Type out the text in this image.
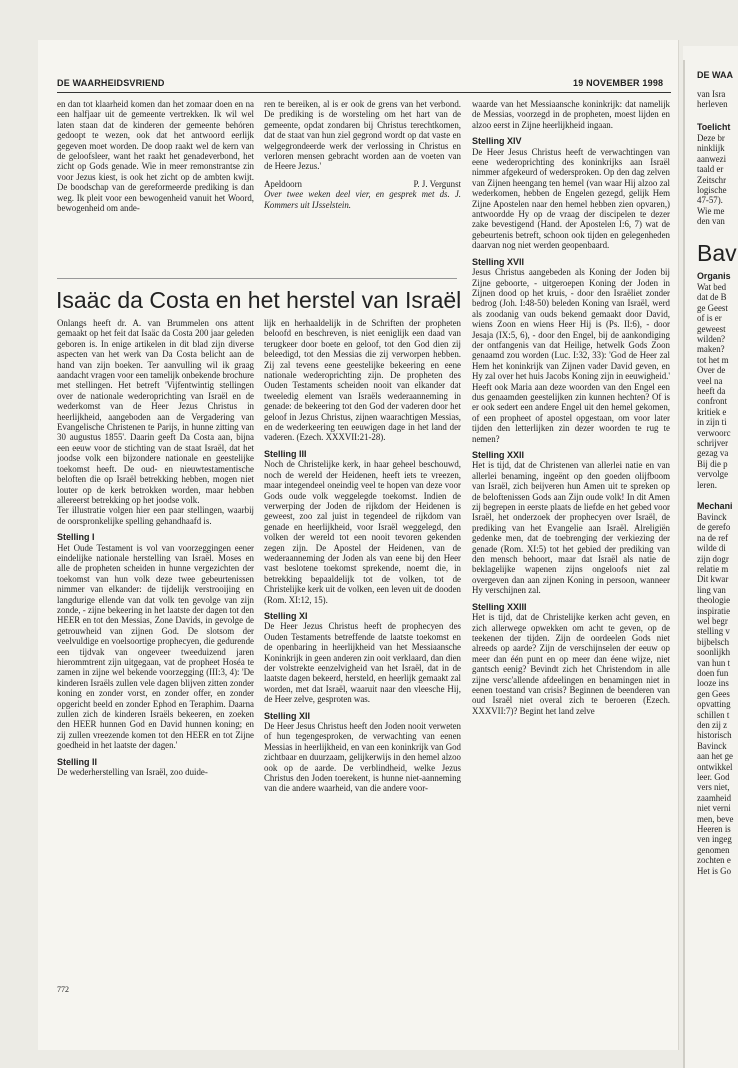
DE WAARHEIDSVRIEND	19 NOVEMBER 1998

en dan tot klaarheid komen dan het zomaar doen en na een halfjaar uit de gemeente vertrekken. Ik wil wel laten staan dat de kinderen der gemeente behóren gedoopt te wezen, ook dat het antwoord eerlijk gegeven moet worden. De doop raakt wel de kern van de geloofsleer, want het raakt het genadeverbond, het zicht op Gods genade. Wie in meer remonstrantse zin voor Jezus kiest, is ook het zicht op de ambten kwijt. De boodschap van de gereformeerde prediking is dan weg. Ik pleit voor een bewogenheid vanuit het Woord, bewogenheid om ande-

ren te bereiken, al is er ook de grens van het verbond. De prediking is de worsteling om het hart van de gemeente, opdat zondaren bij Christus terechtkomen, dat de staat van hun ziel gegrond wordt op dat vaste en welgegrondeerde werk der verlossing in Christus en verloren mensen gebracht worden aan de voeten van de Heere Jezus.'

Apeldoorn	P. J. Vergunst

Over twee weken deel vier, en gesprek met ds. J. Kommers uit IJsselstein.

Isaäc da Costa en het herstel van Israël

Onlangs heeft dr. A. van Brummelen ons attent gemaakt op het feit dat Isaäc da Costa 200 jaar geleden geboren is. In enige artikelen in dit blad zijn diverse aspecten van het werk van Da Costa belicht aan de hand van zijn boeken. Ter aanvulling wil ik graag aandacht vragen voor een tamelijk onbekende brochure met stellingen. Het betreft 'Vijfentwintig stellingen over de nationale wederoprichting van Israël en de wederkomst van de Heer Jezus Christus in heerlijkheid, aangeboden aan de Vergadering van Evangelische Christenen te Parijs, in hunne zitting van 30 augustus 1855'. Daarin geeft Da Costa aan, bijna een eeuw voor de stichting van de staat Israël, dat het joodse volk een bijzondere nationale en geestelijke toekomst heeft. De oud- en nieuwtestamentische beloften die op Israël betrekking hebben, mogen niet louter op de kerk betrokken worden, maar hebben allereerst betrekking op het joodse volk.

Ter illustratie volgen hier een paar stellingen, waarbij de oorspronkelijke spelling gehandhaafd is.

Stelling I

Het Oude Testament is vol van voorzeggingen eener eindelijke nationale herstelling van Israël. Moses en alle de propheten scheiden in hunne vergezichten der toekomst van hun volk deze twee gebeurtenissen nimmer van elkander: de tijdelijk verstrooijing en langdurige ellende van dat volk ten gevolge van zijn zonde, - zijne bekeering in het laatste der dagen tot den HEER en tot den Messias, Zone Davids, in gevolge de getrouwheid van zijnen God. De slotsom der veelvuldige en voelsoortige prophecyen, die gedurende een tijdvak van ongeveer tweeduizend jaren hierommtrent zijn uitgegaan, vat de propheet Hoséa te zamen in zijne wel bekende voorzegging (III:3, 4): 'De kinderen Israëls zullen vele dagen blijven zitten zonder koning en zonder vorst, en zonder offer, en zonder opgericht beeld en zonder Ephod en Teraphim. Daarna zullen zich de kinderen Israëls bekeeren, en zoeken den HEER hunnen God en David hunnen koning; en zij zullen vreezende komen tot den HEER en tot Zijne goedheid in het laatste der dagen.'

Stelling II

De wederherstelling van Israël, zoo duide-

lijk en herhaaldelijk in de Schriften der propheten beloofd en beschreven, is niet eeniglijk een daad van terugkeer door boete en geloof, tot den God dien zij beleedigd, tot den Messias die zij verworpen hebben. Zij zal tevens eene geestelijke bekeering en eene nationale wederoprichting zijn. De propheten des Ouden Testaments scheiden nooit van elkander dat tweeledig element van Israëls wederaanneming in genade: de bekeering tot den God der vaderen door het geloof in Jezus Christus, zijnen waarachtigen Messias, en de wederkeering ten eeuwigen dage in het land der vaderen. (Ezech. XXXVII:21-28).

Stelling III

Noch de Christelijke kerk, in haar geheel beschouwd, noch de wereld der Heidenen, heeft iets te vreezen, maar integendeel oneindig veel te hopen van deze voor Gods oude volk weggelegde toekomst. Indien de verwerping der Joden de rijkdom der Heidenen is geweest, zoo zal juist in tegendeel de rijkdom van genade en heerlijkheid, voor Israël weggelegd, den volken der wereld tot een nooit tevoren gekenden zegen zijn. De Apostel der Heidenen, van de wederaanneming der Joden als van eene bij den Heer vast beslotene toekomst sprekende, noemt die, in betrekking bepaaldelijk tot de volken, tot de Christelijke kerk uit de volken, een leven uit de dooden (Rom. XI:12, 15).

Stelling XI

De Heer Jezus Christus heeft de prophecyen des Ouden Testaments betreffende de laatste toekomst en de openbaring in heerlijkheid van het Messiaansche Koninkrijk in geen anderen zin ooit verklaard, dan dien der volstrekte eenzelvigheid van het Israël, dat in de laatste dagen bekeerd, hersteld, en heerlijk gemaakt zal worden, met dat Israël, waaruit naar den vleesche Hij, de Heer zelve, gesproten was.

Stelling XII

De Heer Jesus Christus heeft den Joden nooit verweten of hun tegengesproken, de verwachting van eenen Messias in heerlijkheid, en van een koninkrijk van God zichtbaar en duurzaam, gelijkerwijs in den hemel alzoo ook op de aarde. De verblindheid, welke Jezus Christus den Joden toerekent, is hunne niet-aanneming van die andere waarheid, van die andere voor-

waarde van het Messiaansche koninkrijk: dat namelijk de Messias, voorzegd in de propheten, moest lijden en alzoo eerst in Zijne heerlijkheid ingaan.

Stelling XIV

De Heer Jesus Christus heeft de verwachtingen van eene wederoprichting des koninkrijks aan Israël nimmer afgekeurd of wedersproken. Op den dag zelven van Zijnen heengang ten hemel (van waar Hij alzoo zal wederkomen, hebben de Engelen gezegd, gelijk Hem Zijne Apostelen naar den hemel hebben zien opvaren,) antwoordde Hy op de vraag der discipelen te dezer zake bevestigend (Hand. der Apostelen I:6, 7) wat de gebeurtenis betreft, schoon ook tijden en gelegenheden daarvan nog niet werden geopenbaard.

Stelling XVII

Jesus Christus aangebeden als Koning der Joden bij Zijne geboorte, - uitgeroepen Koning der Joden in Zijnen dood op het kruis, - door den Israëliet zonder bedrog (Joh. I:48-50) beleden Koning van Israël, werd als zoodanig van ouds bekend gemaakt door David, wiens Zoon en wiens Heer Hij is (Ps. II:6), - door Jesaja (IX:5, 6), - door den Engel, bij de aankondiging der ontfangenis van dat Heilige, hetwelk Gods Zoon genaamd zou worden (Luc. I:32, 33): 'God de Heer zal Hem het koninkrijk van Zijnen vader David geven, en Hy zal over het huis Jacobs Koning zijn in eeuwigheid.' Heeft ook Maria aan deze woorden van den Engel een dus genaamden geestelijken zin kunnen hechten? Of is er ook sedert een andere Engel uit den hemel gekomen, of een propheet of apostel opgestaan, om voor later tijden den letterlijken zin dezer woorden te rug te nemen?

Stelling XXII

Het is tijd, dat de Christenen van allerlei natie en van allerlei benaming, ingeënt op den goeden olijfboom van Israël, zich beijveren hun Amen uit te spreken op de beloftenissen Gods aan Zijn oude volk! In dit Amen zij begrepen in eerste plaats de liefde en het gebed voor Israël, het onderzoek der prophecyen over Israël, de prediking van het Evangelie aan Israël. Alreligiën gedenke men, dat de toebrenging der verkiezing der genade (Rom. XI:5) tot het gebied der prediking van den mensch behoort, maar dat Israël als natie de beklagelijke wapenen zijns ongeloofs niet zal overgeven dan aan zijnen Koning in persoon, wanneer Hy verschijnen zal.

Stelling XXIII

Het is tijd, dat de Christelijke kerken acht geven, en zich allerwege opwekken om acht te geven, op de teekenen der tijden. Zijn de oordeelen Gods niet alreeds op aarde? Zijn de verschijnselen der eeuw op meer dan één punt en op meer dan éene wijze, niet gantsch eenig? Bevindt zich het Christendom in alle zijne versc'allende afdeelingen en benamingen niet in eenen toestand van crisis? Beginnen de beenderen van oud Israël niet overal zich te beroeren (Ezech. XXXVII:7)? Begint het land zelve

772
DE WAA
Bav
van Isra
herleven
Toelicht
Deze br
ninklijk
aanwezi
taald er
Zeitschr
logische
47-57).
Wie me
den van
Organis
Wat bed
dat de B
ge Geest
of is er
geweest
wilden?
maken?
tot het m
Over de
veel na
heeft da
confront
kritiek e
in zijn ti
verwoorc
schrijver
gezag va
Bij die p
vervolge
leren.
Mechani
Bavinck
de gerefo
na de ref
wilde di
zijn dogr
relatie m
Dit kwar
ling van
theologie
inspiratie
wel begr
stelling v
bijbelsch
soonlijkh
van hun t
doen fun
looze ins
gen Gees
opvatting
schillen t
den zij z
historisch
Bavinck
aan het ge
ontwikkel
leer. God
vers niet,
zaamheid
niet verni
men, beve
Heeren is
ven ingeg
genomen
zochten e
Het is Go
